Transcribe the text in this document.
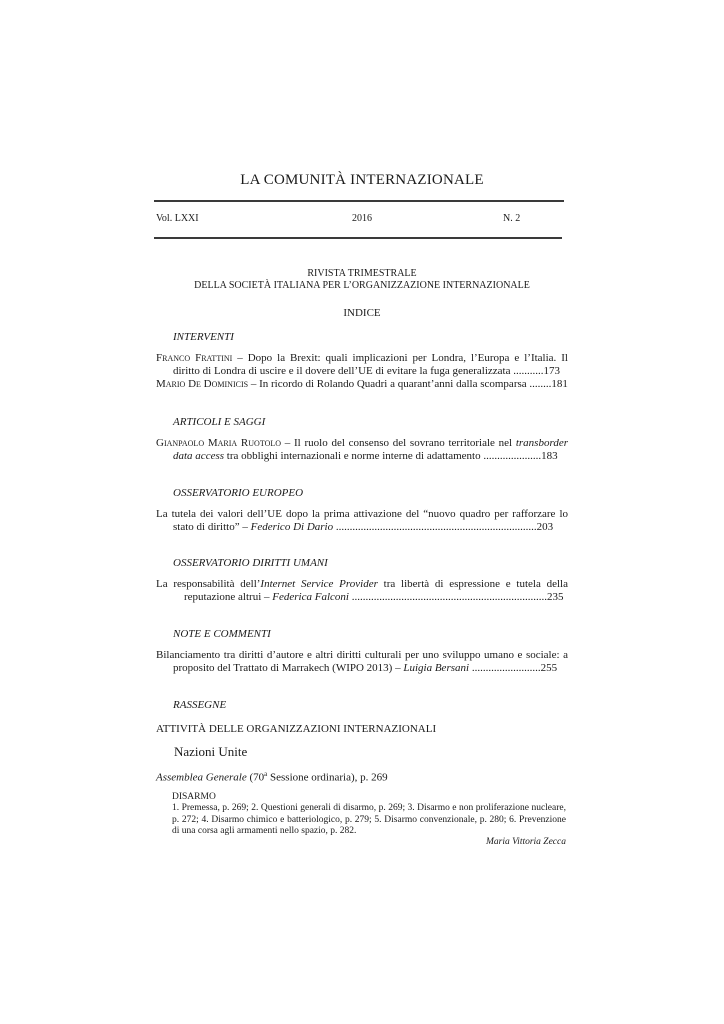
LA COMUNITÀ INTERNAZIONALE
Vol. LXXI	2016	N. 2
RIVISTA TRIMESTRALE
DELLA SOCIETÀ ITALIANA PER L’ORGANIZZAZIONE INTERNAZIONALE
INDICE
INTERVENTI
Franco Frattini – Dopo la Brexit: quali implicazioni per Londra, l’Europa e l’Italia. Il
diritto di Londra di uscire e il dovere dell’UE di evitare la fuga generalizzata ...........173
Mario De Dominicis – In ricordo di Rolando Quadri a quarant’anni dalla scomparsa ........181
ARTICOLI E SAGGI
Gianpaolo Maria Ruotolo – Il ruolo del consenso del sovrano territoriale nel transborder
data access tra obblighi internazionali e norme interne di adattamento .....................183
OSSERVATORIO EUROPEO
La tutela dei valori dell’UE dopo la prima attivazione del “nuovo quadro per rafforzare lo
stato di diritto” – Federico Di Dario .........................................................................203
OSSERVATORIO DIRITTI UMANI
La responsabilità dell’Internet Service Provider tra libertà di espressione e tutela della
reputazione altrui – Federica Falconi .......................................................................235
NOTE E COMMENTI
Bilanciamento tra diritti d’autore e altri diritti culturali per uno sviluppo umano e sociale: a
proposito del Trattato di Marrakech (WIPO 2013) – Luigia Bersani .........................255
RASSEGNE
ATTIVITÀ DELLE ORGANIZZAZIONI INTERNAZIONALI
Nazioni Unite
Assemblea Generale (70$^a$ Sessione ordinaria), p. 269
DISARMO
1. Premessa, p. 269; 2. Questioni generali di disarmo, p. 269; 3. Disarmo e non proliferazione nucleare, p. 272; 4. Disarmo chimico e batteriologico, p. 279; 5. Disarmo convenzionale, p. 280; 6. Prevenzione di una corsa agli armamenti nello spazio, p. 282.
Maria Vittoria Zecca
